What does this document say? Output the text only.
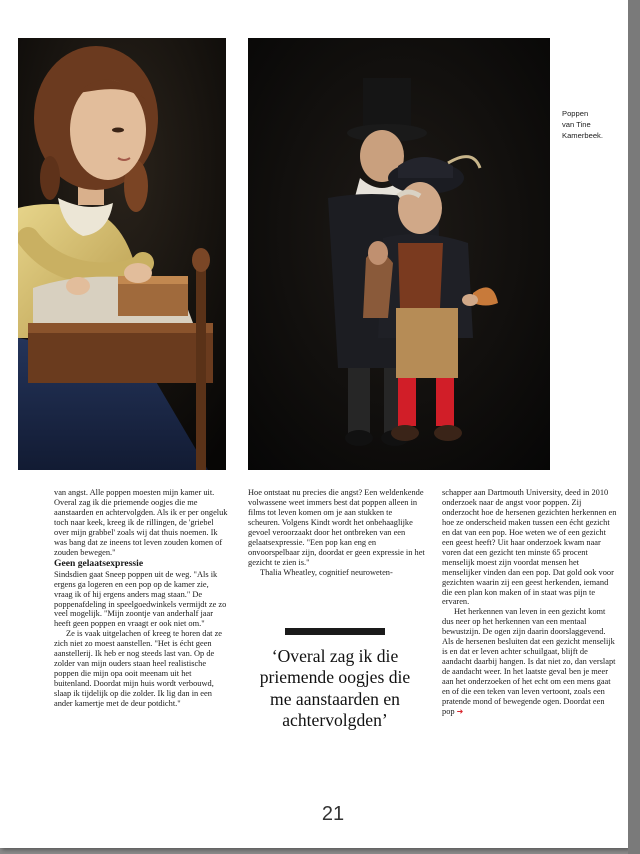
Poppen
van Tine
Kamerbeek.

van angst. Alle poppen moesten mijn kamer uit. Overal zag ik die priemende oogjes die me aanstaarden en achtervolgden. Als ik er per ongeluk toch naar keek, kreeg ik de rillingen, de 'griebel over mijn grabbel' zoals wij dat thuis noemen. Ik was bang dat ze ineens tot leven zouden komen of zouden bewegen."

Geen gelaatsexpressie

Sindsdien gaat Sneep poppen uit de weg. "Als ik ergens ga logeren en een pop op de kamer zie, vraag ik of hij ergens anders mag staan." De poppenafdeling in speelgoedwinkels vermijdt ze zo veel mogelijk. "Mijn zoontje van anderhalf jaar heeft geen poppen en vraagt er ook niet om."

Ze is vaak uitgelachen of kreeg te horen dat ze zich niet zo moest aanstellen. "Het is écht geen aanstellerij. Ik heb er nog steeds last van. Op de zolder van mijn ouders staan heel realistische poppen die mijn opa ooit meenam uit het buitenland. Doordat mijn huis wordt verbouwd, slaap ik tijdelijk op die zolder. Ik lig dan in een ander kamertje met de deur potdicht."

Hoe ontstaat nu precies die angst? Een weldenkende volwassene weet immers best dat poppen alleen in films tot leven komen om je aan stukken te scheuren. Volgens Kindt wordt het onbehaaglijke gevoel veroorzaakt door het ontbreken van een gelaatsexpressie. "Een pop kan eng en onvoorspelbaar zijn, doordat er geen expressie in het gezicht te zien is."

Thalia Wheatley, cognitief neuroweten-

‘Overal zag ik die priemende oogjes die me aanstaarden en achtervolgden’

schapper aan Dartmouth University, deed in 2010 onderzoek naar de angst voor poppen. Zij onderzocht hoe de hersenen gezichten herkennen en hoe ze onderscheid maken tussen een écht gezicht en dat van een pop. Hoe weten we of een gezicht een geest heeft? Uit haar onderzoek kwam naar voren dat een gezicht ten minste 65 procent menselijk moest zijn voordat mensen het menselijker vinden dan een pop. Dat gold ook voor gezichten waarin zij een geest herkenden, iemand die een plan kon maken of in staat was pijn te ervaren.

Het herkennen van leven in een gezicht komt dus neer op het herkennen van een mentaal bewustzijn. De ogen zijn daarin doorslaggevend. Als de hersenen besluiten dat een gezicht menselijk is en dat er leven achter schuilgaat, blijft de aandacht daarbij hangen. Is dat niet zo, dan verslapt de aandacht weer. In het laatste geval ben je meer aan het onderzoeken of het echt om een mens gaat en of die een teken van leven vertoont, zoals een pratende mond of bewegende ogen. Doordat een pop ➜

21
